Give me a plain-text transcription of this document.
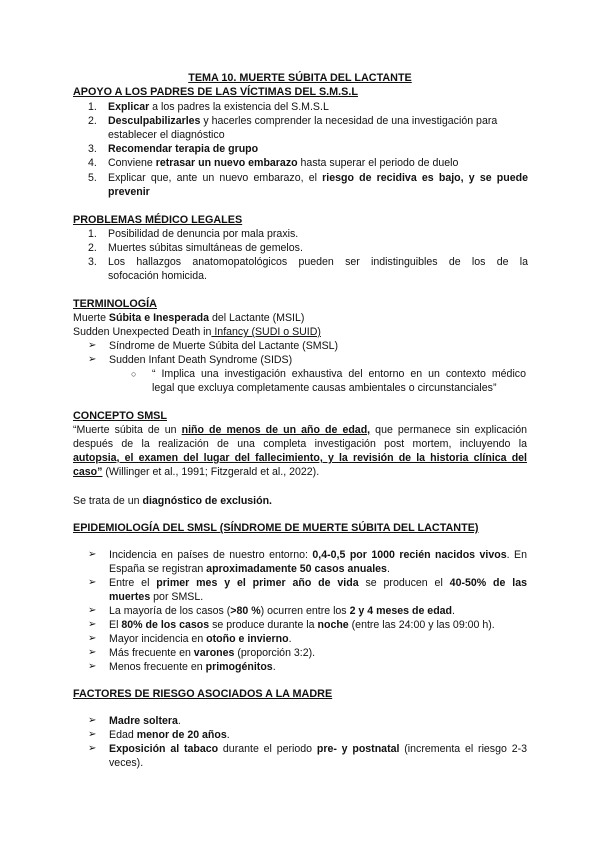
TEMA 10. MUERTE SÚBITA DEL LACTANTE
APOYO A LOS PADRES DE LAS VÍCTIMAS DEL S.M.S.L
1.	Explicar a los padres la existencia del S.M.S.L
2.	Desculpabilizarles y hacerles comprender la necesidad de una investigación para
establecer el diagnóstico
3.	Recomendar terapia de grupo
4.	Conviene retrasar un nuevo embarazo hasta superar el periodo de duelo
5.	Explicar que, ante un nuevo embarazo, el riesgo de recidiva es bajo, y se puede
prevenir
PROBLEMAS MÉDICO LEGALES
1.	Posibilidad de denuncia por mala praxis.
2.	Muertes súbitas simultáneas de gemelos.
3.	Los hallazgos anatomopatológicos pueden ser indistinguibles de los de la
sofocación homicida.
TERMINOLOGÍA
Muerte Súbita e Inesperada del Lactante (MSIL)
Sudden Unexpected Death in Infancy (SUDI o SUID)
➢	Síndrome de Muerte Súbita del Lactante (SMSL)
➢	Sudden Infant Death Syndrome (SIDS)
○ “ Implica una investigación exhaustiva del entorno en un contexto médico
legal que excluya completamente causas ambientales o circunstanciales”
CONCEPTO SMSL
“Muerte súbita de un niño de menos de un año de edad, que permanece sin explicación
después de la realización de una completa investigación post mortem, incluyendo la
autopsia, el examen del lugar del fallecimiento, y la revisión de la historia clínica del
caso” (Willinger et al., 1991; Fitzgerald et al., 2022).
Se trata de un diagnóstico de exclusión.
EPIDEMIOLOGÍA DEL SMSL (SÍNDROME DE MUERTE SÚBITA DEL LACTANTE)
➢	Incidencia en países de nuestro entorno: 0,4-0,5 por 1000 recién nacidos vivos. En
España se registran aproximadamente 50 casos anuales.
➢	Entre el primer mes y el primer año de vida se producen el 40-50% de las
muertes por SMSL.
➢	La mayoría de los casos (>80 %) ocurren entre los 2 y 4 meses de edad.
➢	El 80% de los casos se produce durante la noche (entre las 24:00 y las 09:00 h).
➢	Mayor incidencia en otoño e invierno.
➢	Más frecuente en varones (proporción 3:2).
➢	Menos frecuente en primogénitos.
FACTORES DE RIESGO ASOCIADOS A LA MADRE
➢	Madre soltera.
➢	Edad menor de 20 años.
➢	Exposición al tabaco durante el periodo pre- y postnatal (incrementa el riesgo 2-3
veces).
